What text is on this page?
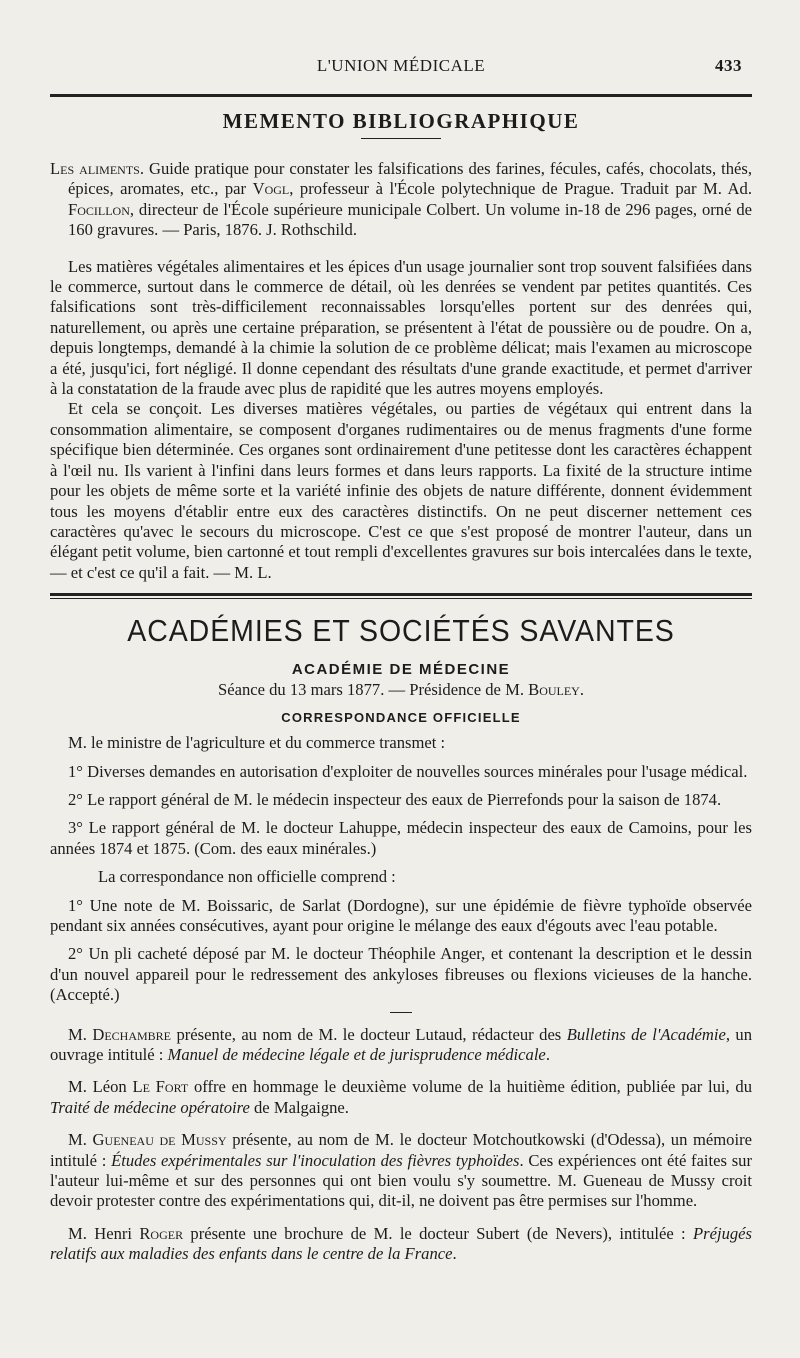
L'UNION MÉDICALE	433
MEMENTO BIBLIOGRAPHIQUE

Les aliments. Guide pratique pour constater les falsifications des farines, fécules, cafés, chocolats, thés, épices, aromates, etc., par Vogl, professeur à l'École polytechnique de Prague. Traduit par M. Ad. Focillon, directeur de l'École supérieure municipale Colbert. Un volume in-18 de 296 pages, orné de 160 gravures. — Paris, 1876. J. Rothschild.

Les matières végétales alimentaires et les épices d'un usage journalier sont trop souvent falsifiées dans le commerce, surtout dans le commerce de détail, où les denrées se vendent par petites quantités. Ces falsifications sont très-difficilement reconnaissables lorsqu'elles portent sur des denrées qui, naturellement, ou après une certaine préparation, se présentent à l'état de poussière ou de poudre. On a, depuis longtemps, demandé à la chimie la solution de ce problème délicat; mais l'examen au microscope a été, jusqu'ici, fort négligé. Il donne cependant des résultats d'une grande exactitude, et permet d'arriver à la constatation de la fraude avec plus de rapidité que les autres moyens employés.

Et cela se conçoit. Les diverses matières végétales, ou parties de végétaux qui entrent dans la consommation alimentaire, se composent d'organes rudimentaires ou de menus fragments d'une forme spécifique bien déterminée. Ces organes sont ordinairement d'une petitesse dont les caractères échappent à l'œil nu. Ils varient à l'infini dans leurs formes et dans leurs rapports. La fixité de la structure intime pour les objets de même sorte et la variété infinie des objets de nature différente, donnent évidemment tous les moyens d'établir entre eux des caractères distinctifs. On ne peut discerner nettement ces caractères qu'avec le secours du microscope. C'est ce que s'est proposé de montrer l'auteur, dans un élégant petit volume, bien cartonné et tout rempli d'excellentes gravures sur bois intercalées dans le texte, — et c'est ce qu'il a fait. — M. L.

ACADÉMIES ET SOCIÉTÉS SAVANTES
ACADÉMIE DE MÉDECINE
Séance du 13 mars 1877. — Présidence de M. Bouley.
CORRESPONDANCE OFFICIELLE

M. le ministre de l'agriculture et du commerce transmet :

1° Diverses demandes en autorisation d'exploiter de nouvelles sources minérales pour l'usage médical.

2° Le rapport général de M. le médecin inspecteur des eaux de Pierrefonds pour la saison de 1874.

3° Le rapport général de M. le docteur Lahuppe, médecin inspecteur des eaux de Camoins, pour les années 1874 et 1875. (Com. des eaux minérales.)

La correspondance non officielle comprend :

1° Une note de M. Boissaric, de Sarlat (Dordogne), sur une épidémie de fièvre typhoïde observée pendant six années consécutives, ayant pour origine le mélange des eaux d'égouts avec l'eau potable.

2° Un pli cacheté déposé par M. le docteur Théophile Anger, et contenant la description et le dessin d'un nouvel appareil pour le redressement des ankyloses fibreuses ou flexions vicieuses de la hanche. (Accepté.)

M. Dechambre présente, au nom de M. le docteur Lutaud, rédacteur des Bulletins de l'Académie, un ouvrage intitulé : Manuel de médecine légale et de jurisprudence médicale.

M. Léon Le Fort offre en hommage le deuxième volume de la huitième édition, publiée par lui, du Traité de médecine opératoire de Malgaigne.

M. Gueneau de Mussy présente, au nom de M. le docteur Motchoutkowski (d'Odessa), un mémoire intitulé : Études expérimentales sur l'inoculation des fièvres typhoïdes. Ces expériences ont été faites sur l'auteur lui-même et sur des personnes qui ont bien voulu s'y soumettre. M. Gueneau de Mussy croit devoir protester contre des expérimentations qui, dit-il, ne doivent pas être permises sur l'homme.

M. Henri Roger présente une brochure de M. le docteur Subert (de Nevers), intitulée : Préjugés relatifs aux maladies des enfants dans le centre de la France.
